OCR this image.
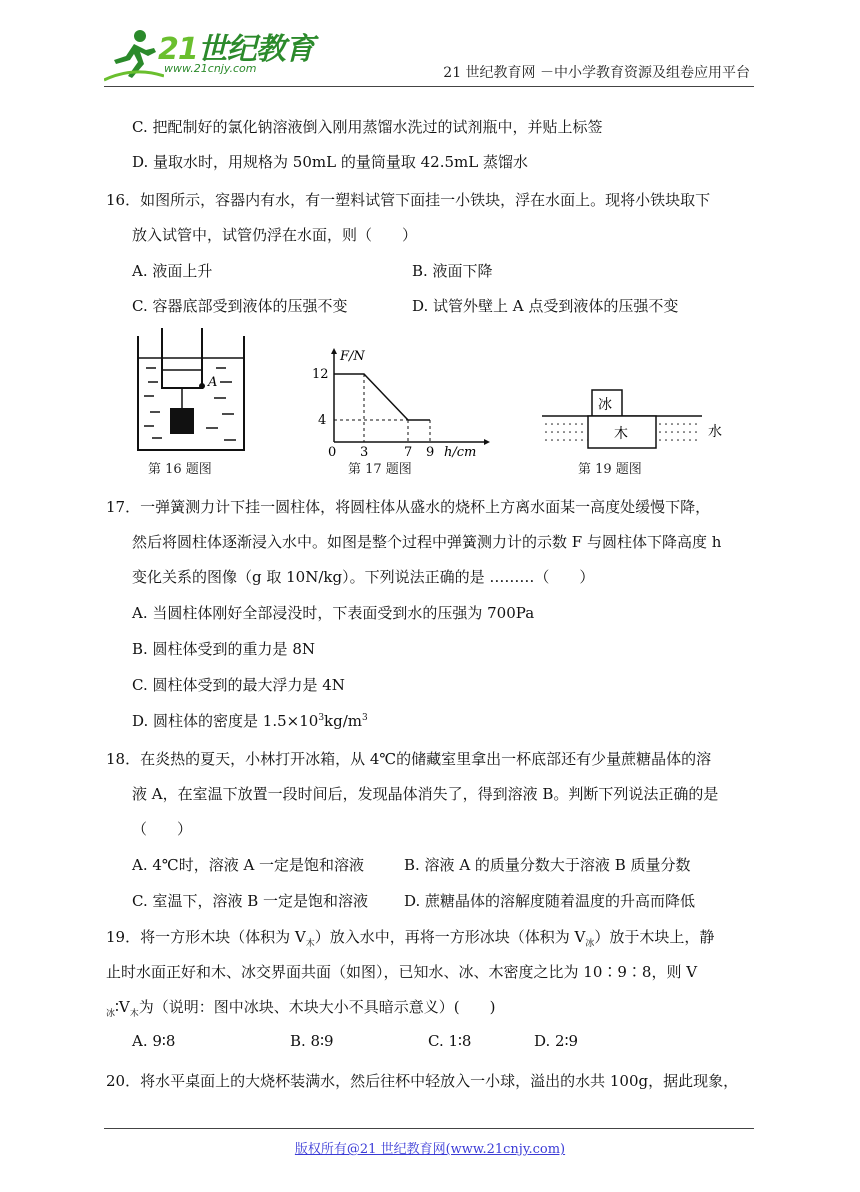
21世纪教育
www.21cnjy.com	21 世纪教育网 －中小学教育资源及组卷应用平台
C. 把配制好的氯化钠溶液倒入刚用蒸馏水洗过的试剂瓶中，并贴上标签
D. 量取水时，用规格为 50mL 的量筒量取 42.5mL 蒸馏水
16．如图所示，容器内有水，有一塑料试管下面挂一小铁块，浮在水面上。现将小铁块取下
放入试管中，试管仍浮在水面，则（　　）
A. 液面上升	B. 液面下降
C. 容器底部受到液体的压强不变	D. 试管外壁上 A 点受到液体的压强不变
A
第 16 题图
12
4
F/N
0 3	7 9 h/cm
第 17 题图
冰
木	水
第 19 题图
17．一弹簧测力计下挂一圆柱体，将圆柱体从盛水的烧杯上方离水面某一高度处缓慢下降，
然后将圆柱体逐渐浸入水中。如图是整个过程中弹簧测力计的示数 F 与圆柱体下降高度 h
变化关系的图像（g 取 10N/kg）。下列说法正确的是 ………（　　）
A. 当圆柱体刚好全部浸没时，下表面受到水的压强为 700Pa
B. 圆柱体受到的重力是 8N
C. 圆柱体受到的最大浮力是 4N
D. 圆柱体的密度是 $1.5\times 10^3kg/m^3$
18．在炎热的夏天，小林打开冰箱，从 4℃的储藏室里拿出一杯底部还有少量蔗糖晶体的溶
液 A，在室温下放置一段时间后，发现晶体消失了，得到溶液 B。判断下列说法正确的是
（　　）
A. 4℃时，溶液 A 一定是饱和溶液	B. 溶液 A 的质量分数大于溶液 B 质量分数
C. 室温下，溶液 B 一定是饱和溶液 D. 蔗糖晶体的溶解度随着温度的升高而降低
19．将一方形木块（体积为 $V_木$）放入水中，再将一方形冰块（体积为 $V_冰$）放于木块上，静
止时水面正好和木、冰交界面共面（如图），已知水、冰、木密度之比为 10∶9∶8，则 V
$_冰∶V_木$为（说明：图中冰块、木块大小不具暗示意义）(　　)
A. 9∶8	B. 8∶9	C. 1∶8	D. 2∶9
20．将水平桌面上的大烧杯装满水，然后往杯中轻放入一小球，溢出的水共 100g，据此现象，
版权所有@21 世纪教育网(www.21cnjy.com)
